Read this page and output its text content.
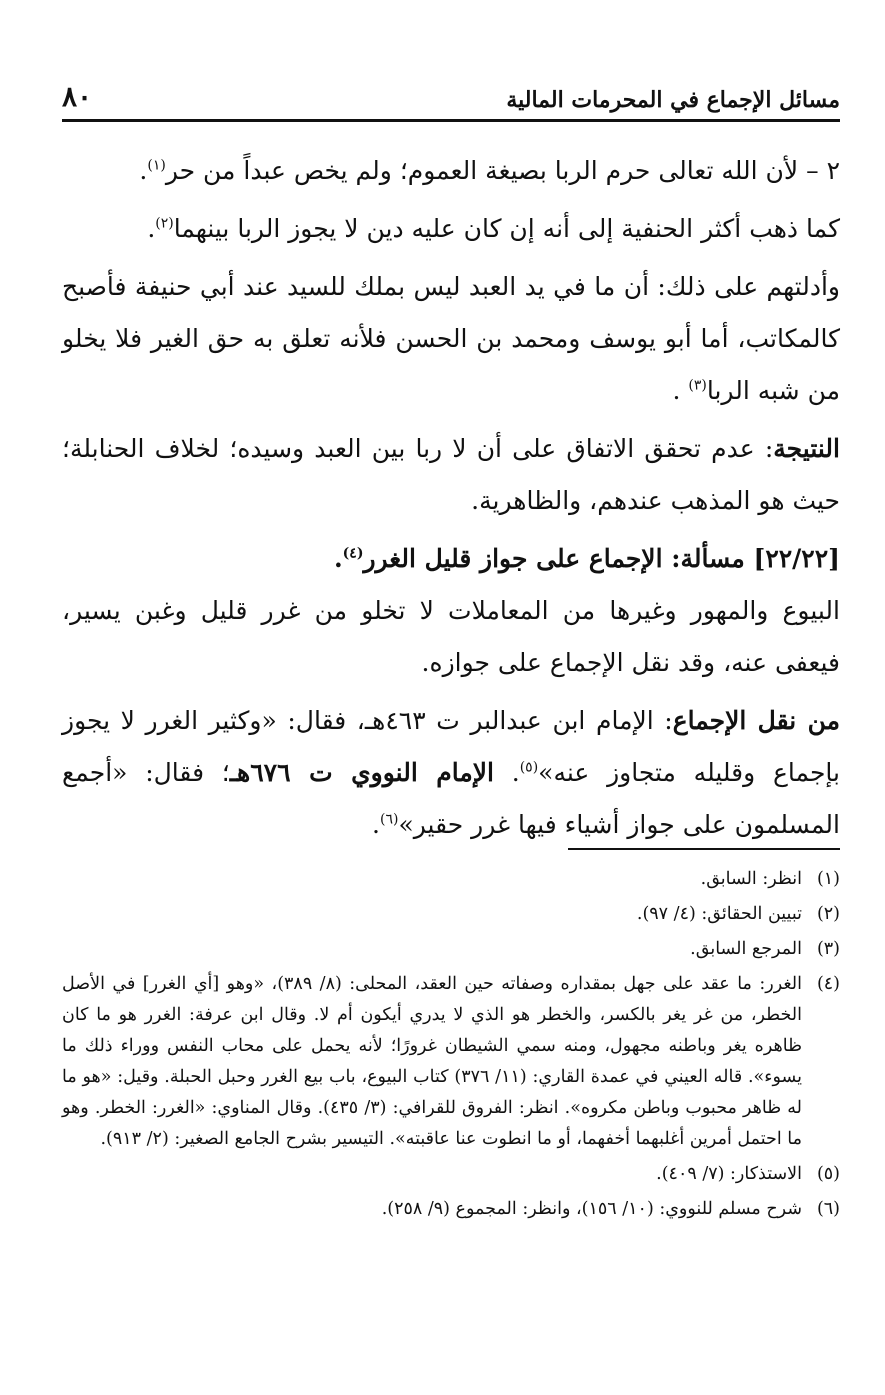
مسائل الإجماع في المحرمات المالية
٨٠

٢ – لأن الله تعالى حرم الربا بصيغة العموم؛ ولم يخص عبداً من حر$^{(١)}$.

كما ذهب أكثر الحنفية إلى أنه إن كان عليه دين لا يجوز الربا بينهما$^{(٢)}$.

وأدلتهم على ذلك: أن ما في يد العبد ليس بملك للسيد عند أبي حنيفة فأصبح كالمكاتب، أما أبو يوسف ومحمد بن الحسن فلأنه تعلق به حق الغير فلا يخلو من شبه الربا$^{(٣)}$ .

النتيجة: عدم تحقق الاتفاق على أن لا ربا بين العبد وسيده؛ لخلاف الحنابلة؛ حيث هو المذهب عندهم، والظاهرية.

[٢٢/٢٢] مسألة: الإجماع على جواز قليل الغرر$^{(٤)}$.

البيوع والمهور وغيرها من المعاملات لا تخلو من غرر قليل وغبن يسير، فيعفى عنه، وقد نقل الإجماع على جوازه.

من نقل الإجماع: الإمام ابن عبدالبر ت ٤٦٣هـ، فقال: «وكثير الغرر لا يجوز بإجماع وقليله متجاوز عنه»$^{(٥)}$. الإمام النووي ت ٦٧٦هـ؛ فقال: «أجمع المسلمون على جواز أشياء فيها غرر حقير»$^{(٦)}$.

(١)
انظر: السابق.
(٢)
تبيين الحقائق: (٤/ ٩٧).
(٣)
المرجع السابق.
(٤)
الغرر: ما عقد على جهل بمقداره وصفاته حين العقد، المحلى: (٨/ ٣٨٩)، «وهو [أي الغرر] في الأصل الخطر، من غر يغر بالكسر، والخطر هو الذي لا يدري أيكون أم لا. وقال ابن عرفة: الغرر هو ما كان ظاهره يغر وباطنه مجهول، ومنه سمي الشيطان غرورًا؛ لأنه يحمل على محاب النفس ووراء ذلك ما يسوء». قاله العيني في عمدة القاري: (١١/ ٣٧٦) كتاب البيوع، باب بيع الغرر وحبل الحبلة. وقيل: «هو ما له ظاهر محبوب وباطن مكروه». انظر: الفروق للقرافي: (٣/ ٤٣٥). وقال المناوي: «الغرر: الخطر. وهو ما احتمل أمرين أغلبهما أخفهما، أو ما انطوت عنا عاقبته». التيسير بشرح الجامع الصغير: (٢/ ٩١٣).
(٥)
الاستذكار: (٧/ ٤٠٩).
(٦)
شرح مسلم للنووي: (١٠/ ١٥٦)، وانظر: المجموع (٩/ ٢٥٨).
